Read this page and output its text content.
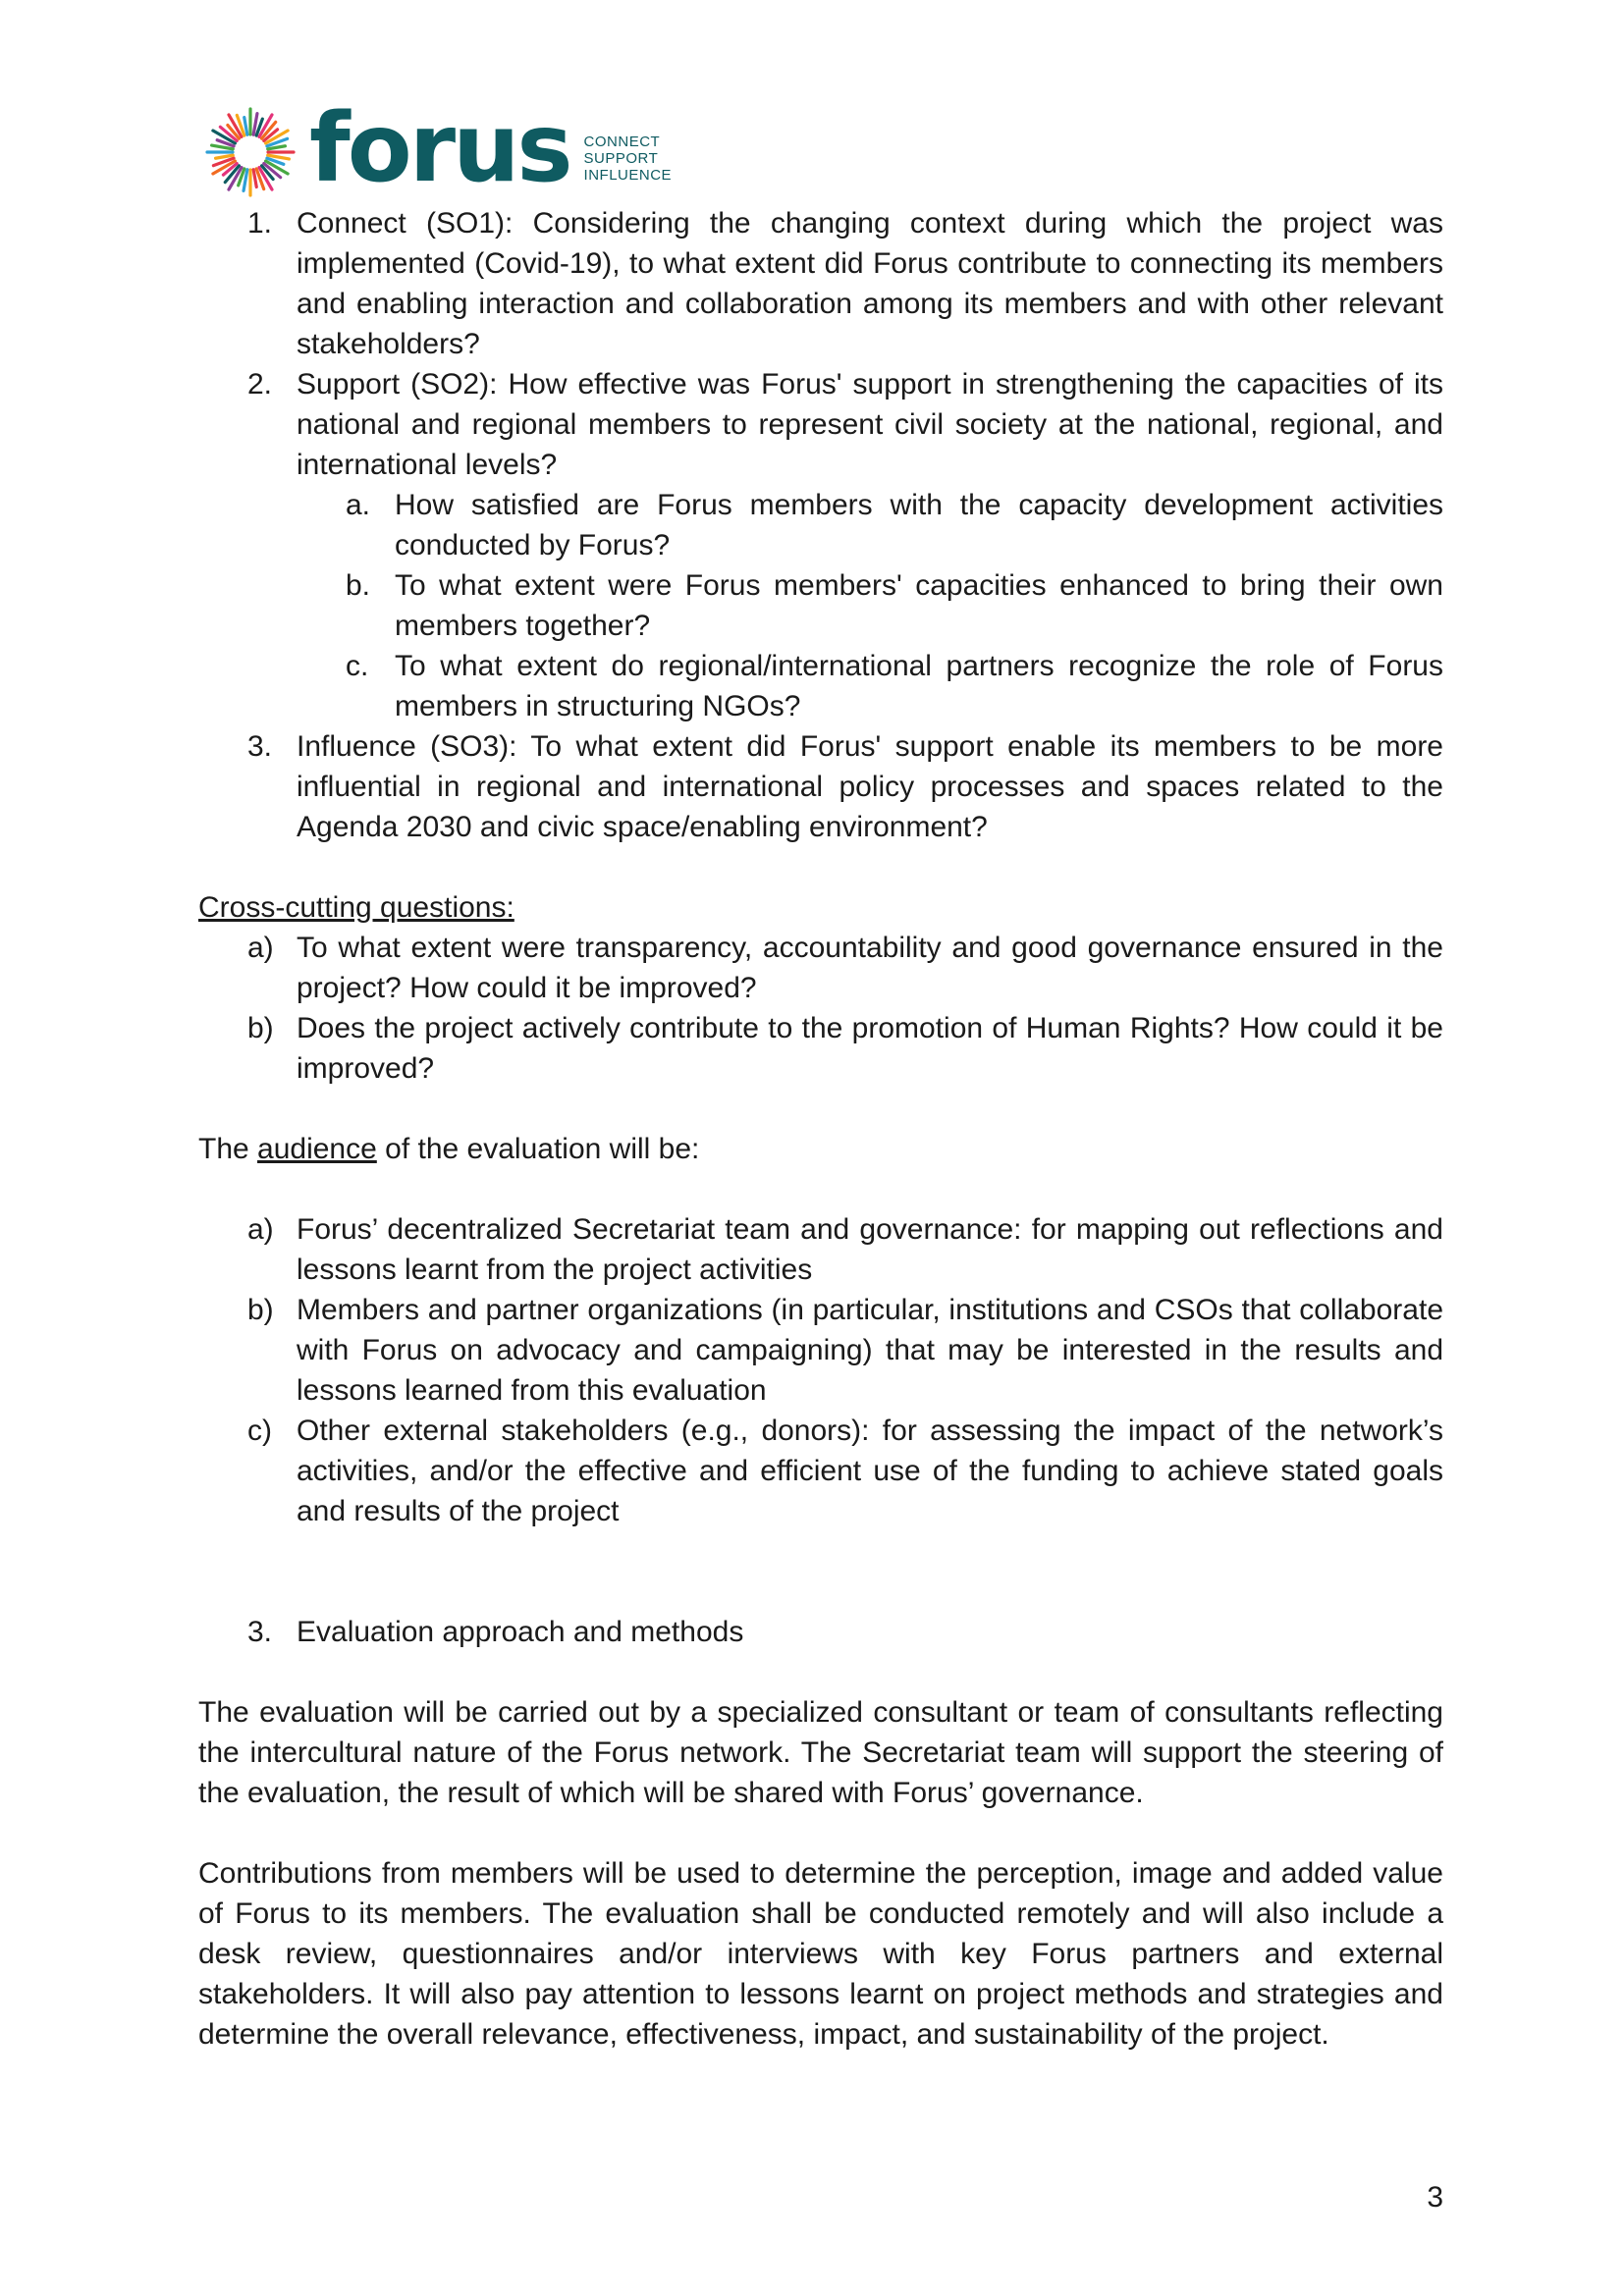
forus CONNECT
SUPPORT
INFLUENCE
1. Connect (SO1): Considering the changing context during which the project was implemented (Covid-19), to what extent did Forus contribute to connecting its members and enabling interaction and collaboration among its members and with other relevant stakeholders?
2. Support (SO2): How effective was Forus' support in strengthening the capacities of its national and regional members to represent civil society at the national, regional, and international levels?
a. How satisfied are Forus members with the capacity development activities conducted by Forus?
b. To what extent were Forus members' capacities enhanced to bring their own members together?
c. To what extent do regional/international partners recognize the role of Forus members in structuring NGOs?
3. Influence (SO3): To what extent did Forus' support enable its members to be more influential in regional and international policy processes and spaces related to the Agenda 2030 and civic space/enabling environment?
Cross-cutting questions:
a) To what extent were transparency, accountability and good governance ensured in the project? How could it be improved?
b) Does the project actively contribute to the promotion of Human Rights? How could it be improved?
The audience of the evaluation will be:
a) Forus’ decentralized Secretariat team and governance: for mapping out reflections and lessons learnt from the project activities
b) Members and partner organizations (in particular, institutions and CSOs that collaborate with Forus on advocacy and campaigning) that may be interested in the results and lessons learned from this evaluation
c) Other external stakeholders (e.g., donors): for assessing the impact of the network’s activities, and/or the effective and efficient use of the funding to achieve stated goals and results of the project
3. Evaluation approach and methods
The evaluation will be carried out by a specialized consultant or team of consultants reflecting the intercultural nature of the Forus network. The Secretariat team will support the steering of the evaluation, the result of which will be shared with Forus’ governance.
Contributions from members will be used to determine the perception, image and added value of Forus to its members. The evaluation shall be conducted remotely and will also include a desk review, questionnaires and/or interviews with key Forus partners and external stakeholders. It will also pay attention to lessons learnt on project methods and strategies and determine the overall relevance, effectiveness, impact, and sustainability of the project.
3
